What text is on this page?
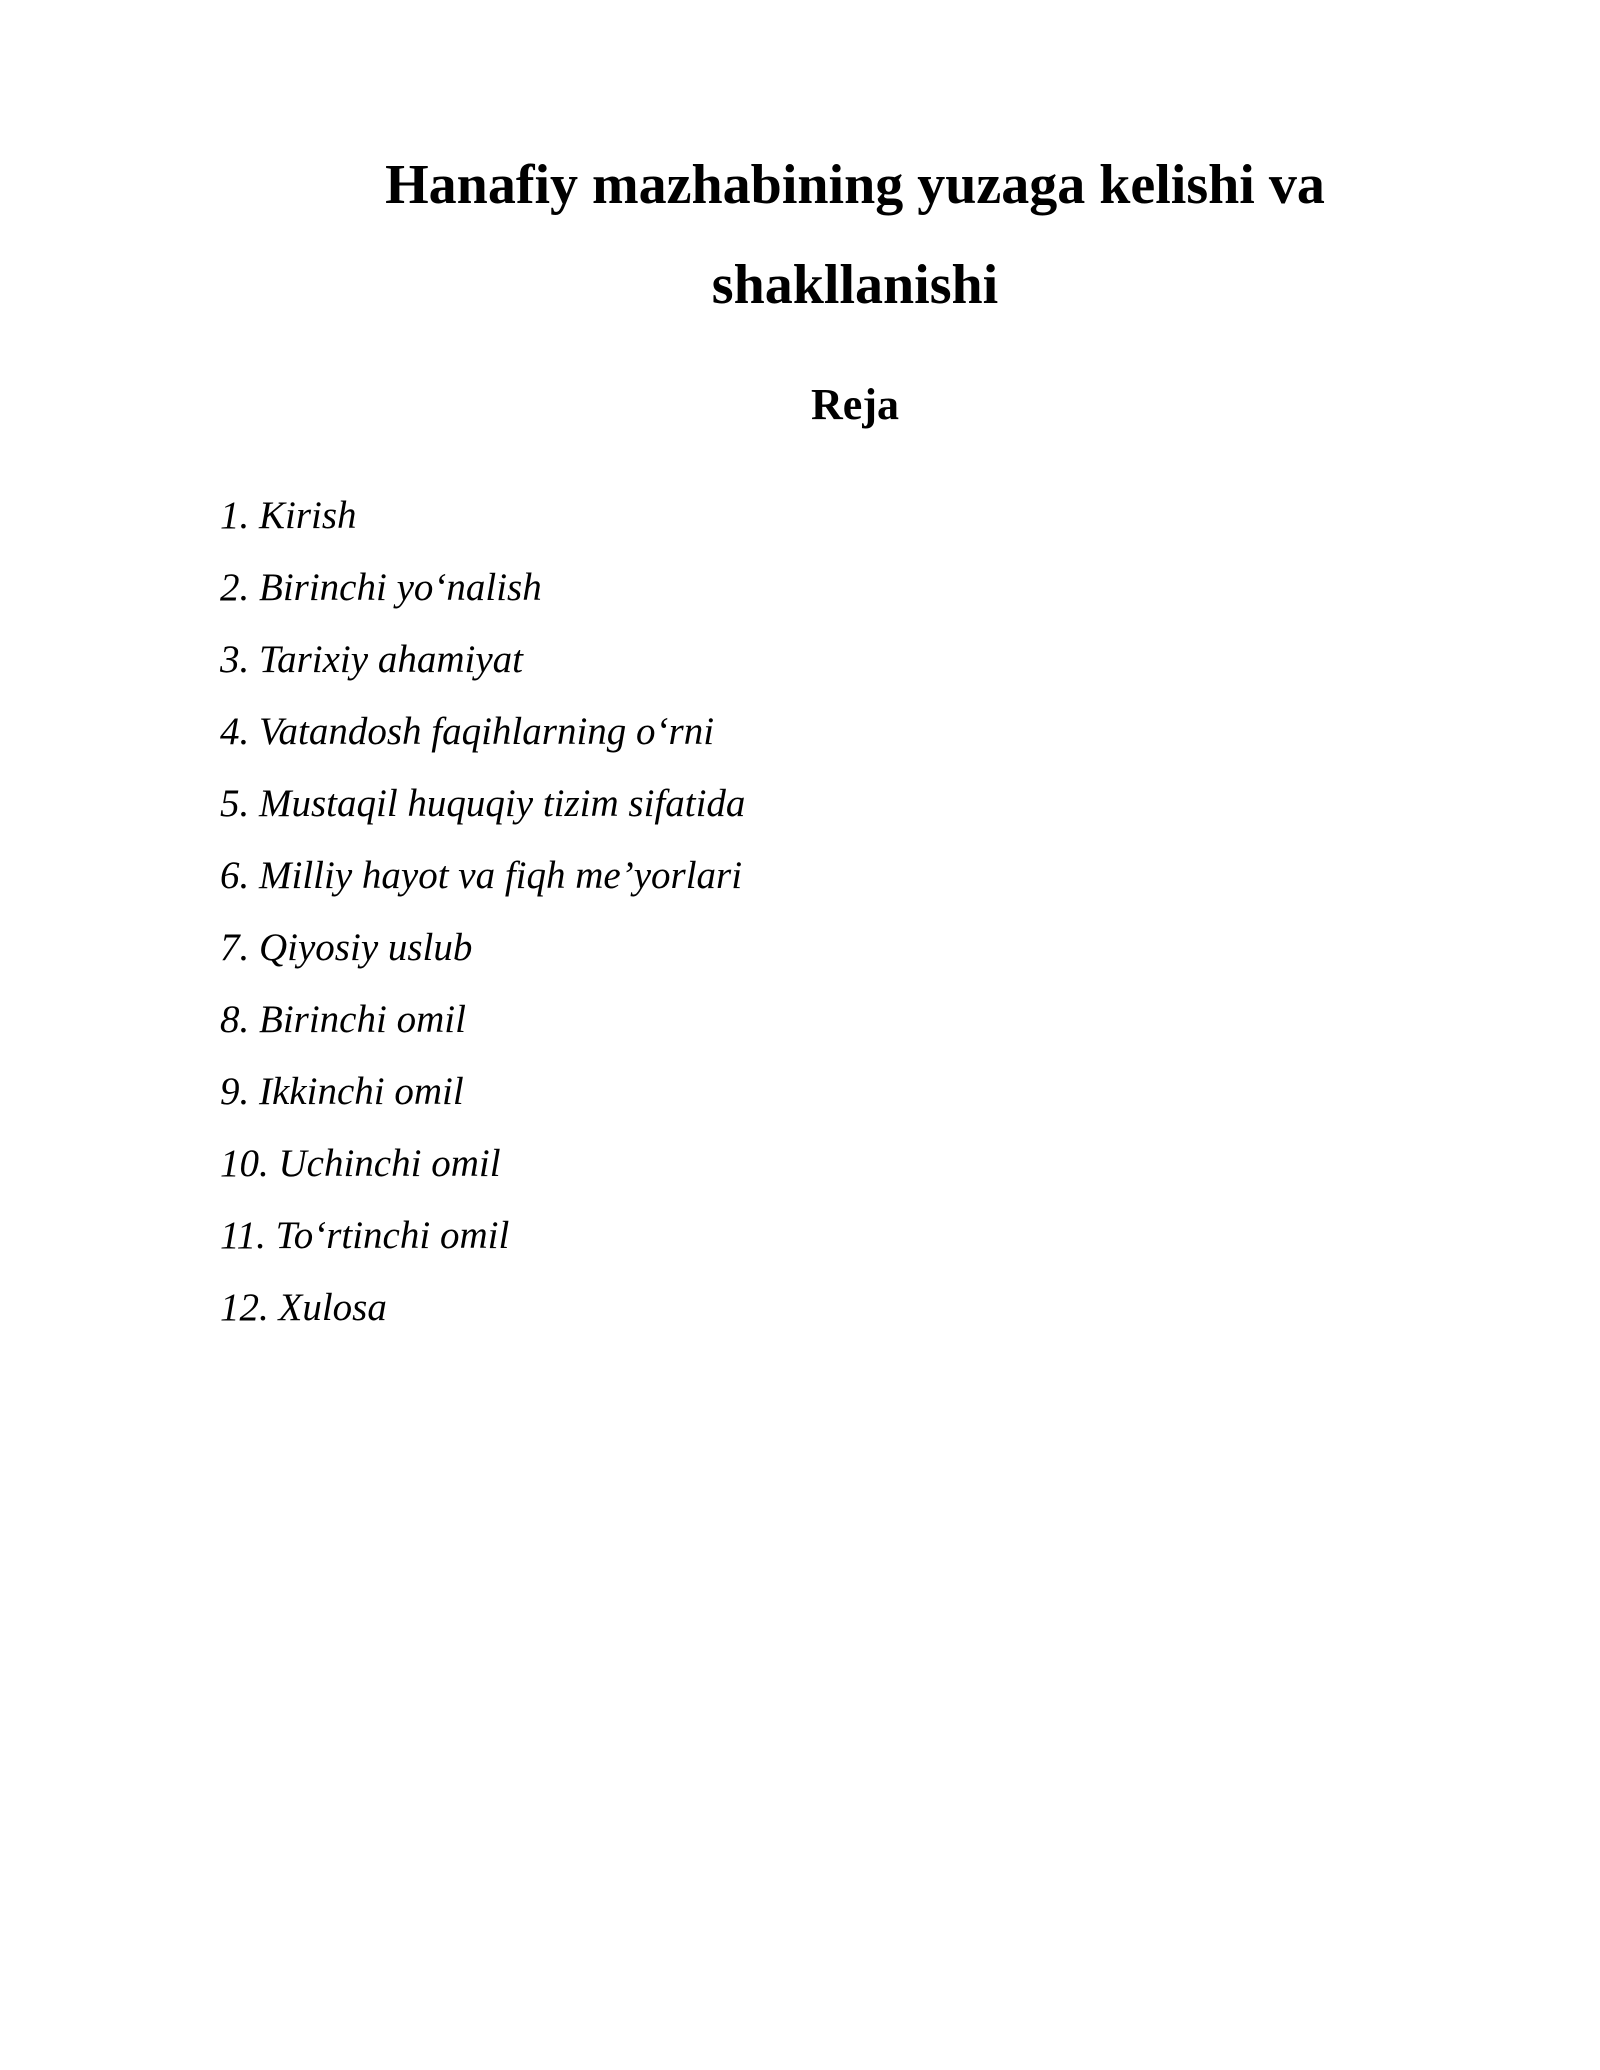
Hanafiy mazhabining yuzaga kelishi va
shakllanishi
Reja
1. Kirish
2. Birinchi yo‘nalish
3. Tarixiy ahamiyat
4. Vatandosh faqihlarning o‘rni
5. Mustaqil huquqiy tizim sifatida
6. Milliy hayot va fiqh me’yorlari
7. Qiyosiy uslub
8. Birinchi omil
9. Ikkinchi omil
10. Uchinchi omil
11. To‘rtinchi omil
12. Xulosa
